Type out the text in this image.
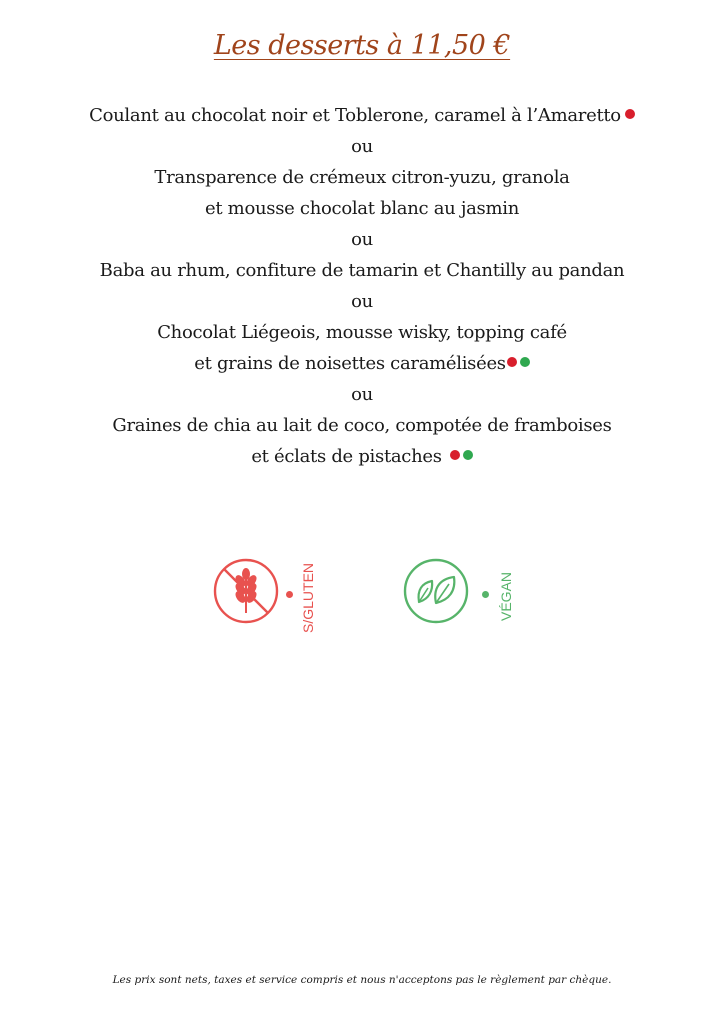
Les desserts à 11,50 €
Coulant au chocolat noir et Toblerone, caramel à l’Amaretto
ou
Transparence de crémeux citron-yuzu, granola
et mousse chocolat blanc au jasmin
ou
Baba au rhum, confiture de tamarin et Chantilly au pandan
ou
Chocolat Liégeois, mousse wisky, topping café
et grains de noisettes caramélisées
ou
Graines de chia au lait de coco, compotée de framboises
et éclats de pistaches
S/GLUTEN	VÉGAN
Les prix sont nets, taxes et service compris et nous n'acceptons pas le règlement par chèque.
